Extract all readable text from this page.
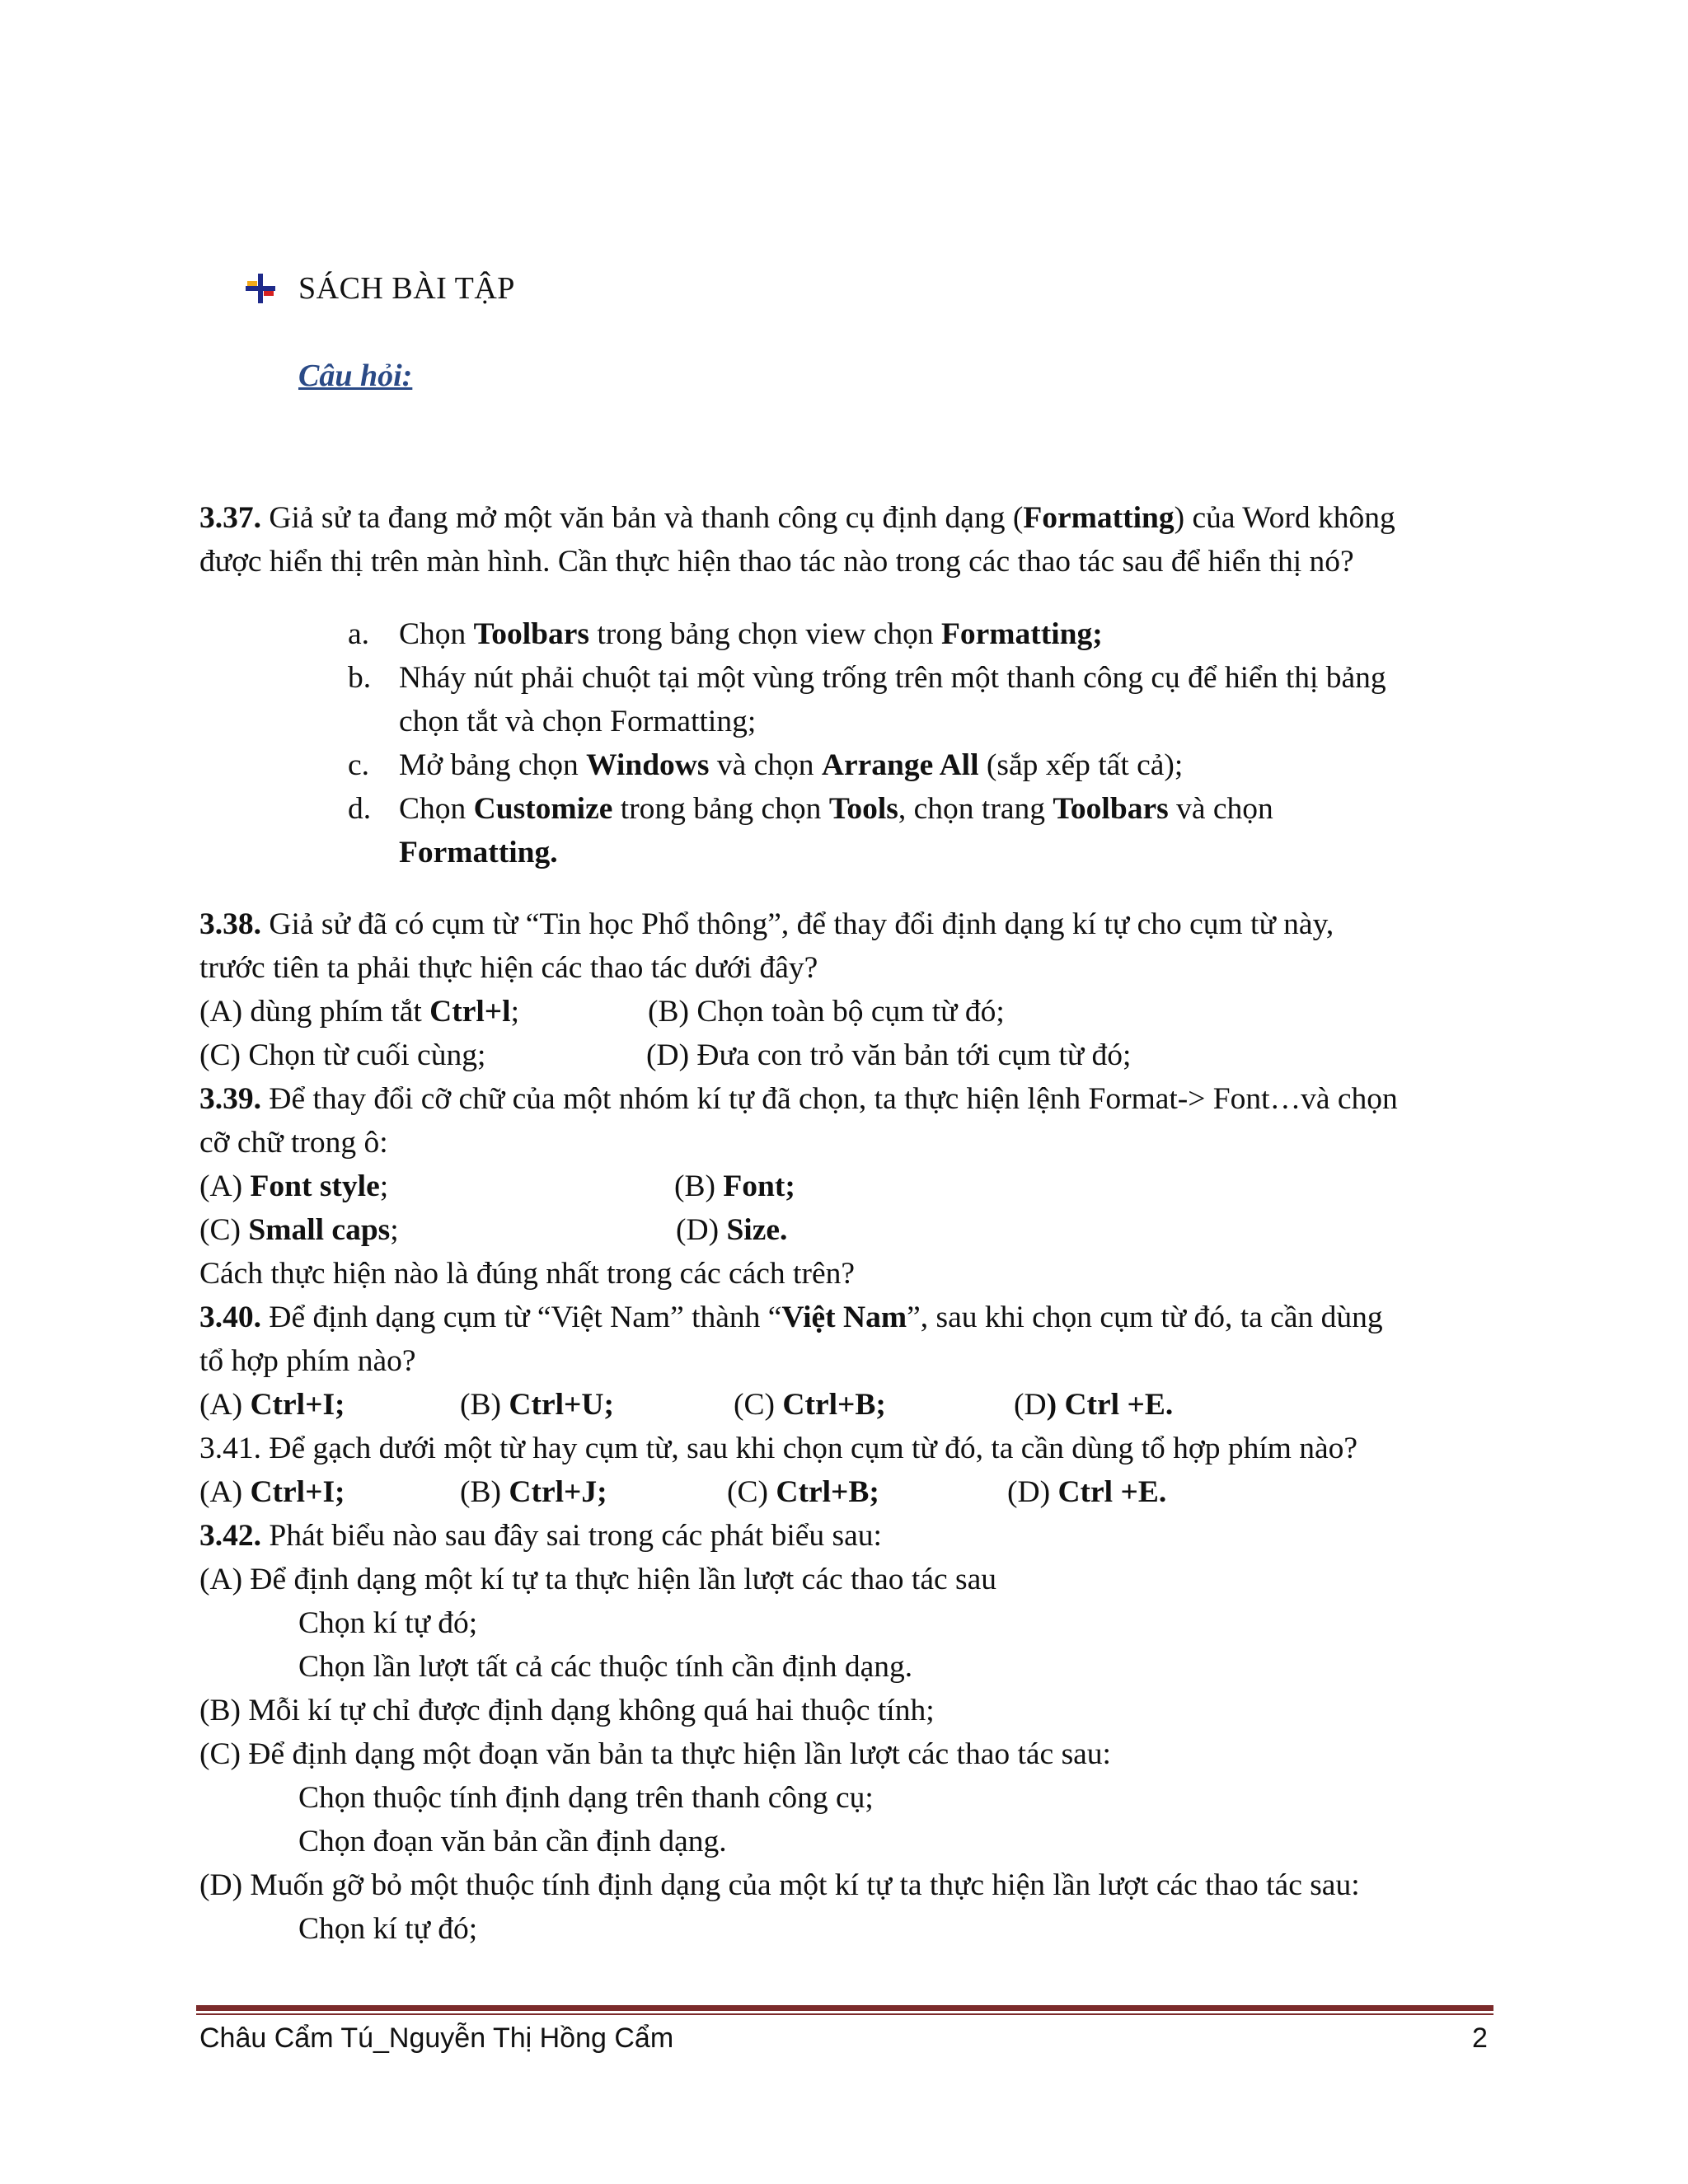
SÁCH BÀI TẬP
Câu hỏi:
3.37. Giả sử ta đang mở một văn bản và thanh công cụ định dạng (Formatting) của Word không
được hiển thị trên màn hình. Cần thực hiện thao tác nào trong các thao tác sau để hiển thị nó?
a. Chọn Toolbars trong bảng chọn view chọn Formatting;
b. Nháy nút phải chuột tại một vùng trống trên một thanh công cụ để hiển thị bảng
chọn tắt và chọn Formatting;
c. Mở bảng chọn Windows và chọn Arrange All (sắp xếp tất cả);
d. Chọn Customize trong bảng chọn Tools, chọn trang Toolbars và chọn
Formatting.
3.38. Giả sử đã có cụm từ “Tin học Phổ thông”, để thay đổi định dạng kí tự cho cụm từ này,
trước tiên ta phải thực hiện các thao tác dưới đây?
(A) dùng phím tắt Ctrl+l;	(B) Chọn toàn bộ cụm từ đó;
(C) Chọn từ cuối cùng;	(D) Đưa con trỏ văn bản tới cụm từ đó;
3.39. Để thay đổi cỡ chữ của một nhóm kí tự đã chọn, ta thực hiện lệnh Format-> Font…và chọn
cỡ chữ trong ô:
(A) Font style;	(B) Font;
(C) Small caps;	(D) Size.
Cách thực hiện nào là đúng nhất trong các cách trên?
3.40. Để định dạng cụm từ “Việt Nam” thành “Việt Nam”, sau khi chọn cụm từ đó, ta cần dùng
tổ hợp phím nào?
(A) Ctrl+I;	(B) Ctrl+U;	(C) Ctrl+B;	(D) Ctrl +E.
3.41. Để gạch dưới một từ hay cụm từ, sau khi chọn cụm từ đó, ta cần dùng tổ hợp phím nào?
(A) Ctrl+I;	(B) Ctrl+J;	(C) Ctrl+B;	(D) Ctrl +E.
3.42. Phát biểu nào sau đây sai trong các phát biểu sau:
(A) Để định dạng một kí tự ta thực hiện lần lượt các thao tác sau
Chọn kí tự đó;
Chọn lần lượt tất cả các thuộc tính cần định dạng.
(B) Mỗi kí tự chỉ được định dạng không quá hai thuộc tính;
(C) Để định dạng một đoạn văn bản ta thực hiện lần lượt các thao tác sau:
Chọn thuộc tính định dạng trên thanh công cụ;
Chọn đoạn văn bản cần định dạng.
(D) Muốn gỡ bỏ một thuộc tính định dạng của một kí tự ta thực hiện lần lượt các thao tác sau:
Chọn kí tự đó;
Châu Cẩm Tú_Nguyễn Thị Hồng Cẩm	2
